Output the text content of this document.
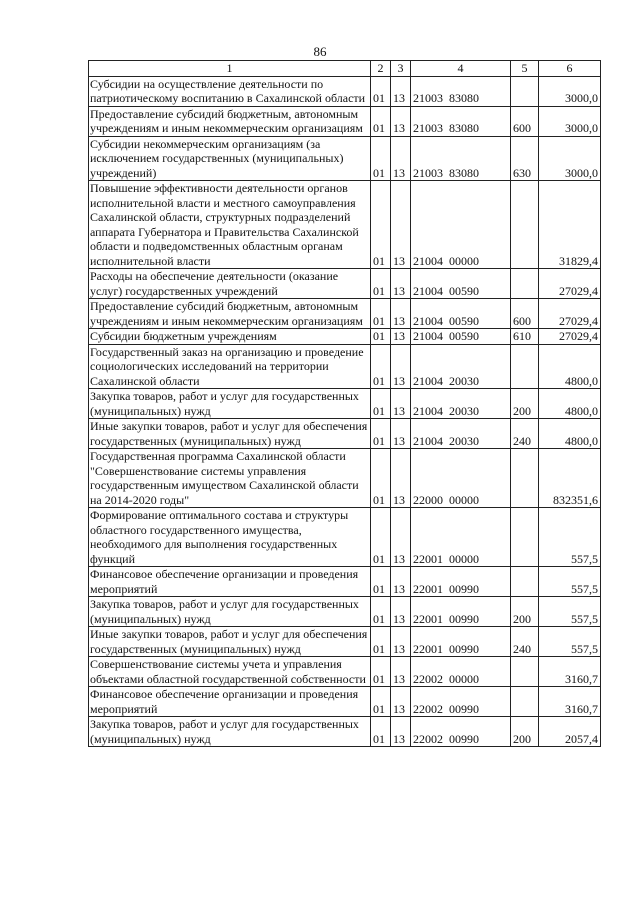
86
1	2	3	4	5	6
Субсидии на осуществление деятельности по патриотическому воспитанию в Сахалинской области	01	13	21003  83080		3000,0
Предоставление субсидий бюджетным, автономным учреждениям и иным некоммерческим организациям	01	13	21003  83080	600	3000,0
Субсидии некоммерческим организациям (за исключением государственных (муниципальных) учреждений)	01	13	21003  83080	630	3000,0
Повышение эффективности деятельности органов исполнительной власти и местного самоуправления Сахалинской области, структурных подразделений аппарата Губернатора и Правительства Сахалинской области и подведомственных областным органам исполнительной власти	01	13	21004  00000		31829,4
Расходы на обеспечение деятельности (оказание услуг) государственных учреждений	01	13	21004  00590		27029,4
Предоставление субсидий бюджетным, автономным учреждениям и иным некоммерческим организациям	01	13	21004  00590	600	27029,4
Субсидии бюджетным учреждениям	01	13	21004  00590	610	27029,4
Государственный заказ на организацию и проведение социологических исследований на территории Сахалинской области	01	13	21004  20030		4800,0
Закупка товаров, работ и услуг для государственных (муниципальных) нужд	01	13	21004  20030	200	4800,0
Иные закупки товаров, работ и услуг для обеспечения государственных (муниципальных) нужд	01	13	21004  20030	240	4800,0
Государственная программа Сахалинской области "Совершенствование системы управления государственным имуществом Сахалинской области на 2014-2020 годы"	01	13	22000  00000		832351,6
Формирование оптимального состава и структуры областного государственного имущества, необходимого для выполнения государственных функций	01	13	22001  00000		557,5
Финансовое обеспечение организации и проведения мероприятий	01	13	22001  00990		557,5
Закупка товаров, работ и услуг для государственных (муниципальных) нужд	01	13	22001  00990	200	557,5
Иные закупки товаров, работ и услуг для обеспечения государственных (муниципальных) нужд	01	13	22001  00990	240	557,5
Совершенствование системы учета и управления объектами областной государственной собственности	01	13	22002  00000		3160,7
Финансовое обеспечение организации и проведения мероприятий	01	13	22002  00990		3160,7
Закупка товаров, работ и услуг для государственных (муниципальных) нужд	01	13	22002  00990	200	2057,4
